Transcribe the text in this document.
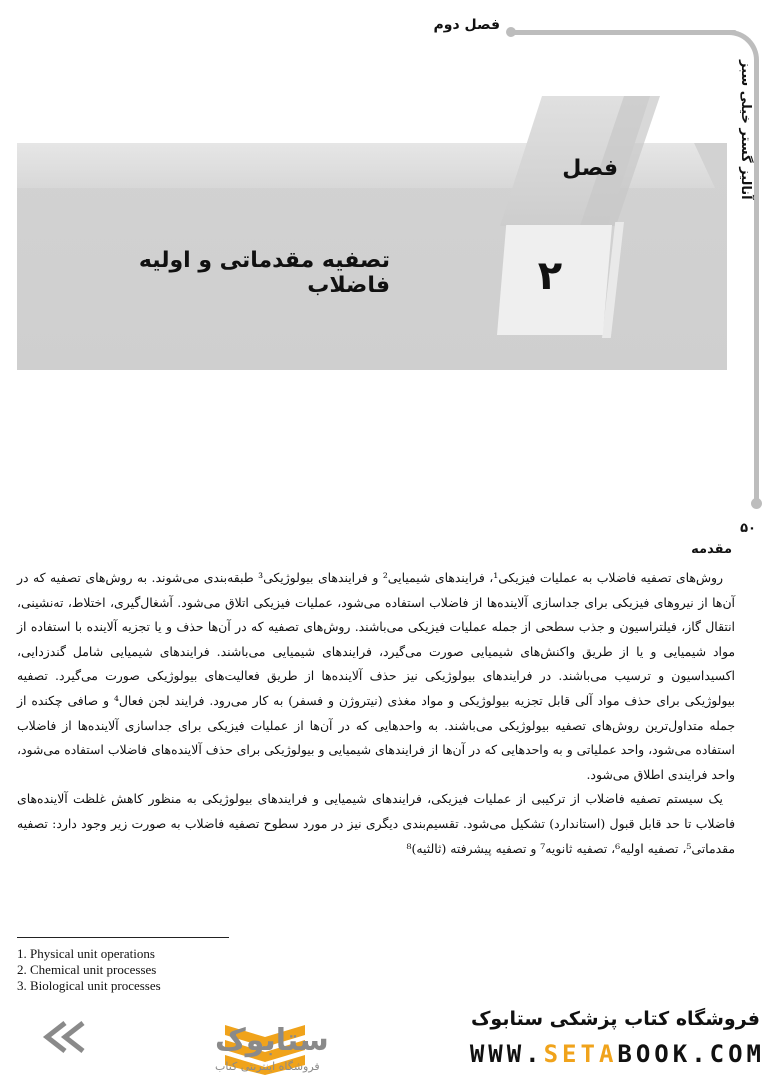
فصل دوم
آنالیز گستر خیلی سبز
فصل
۲
تصفیه مقدماتی و اولیه فاضلاب
۵۰
مقدمه

روش‌های تصفیه فاضلاب به عملیات فیزیکی¹، فرایندهای شیمیایی² و فرایندهای بیولوژیکی³ طبقه‌بندی می‌شوند. به روش‌های تصفیه که در آن‌ها از نیروهای فیزیکی برای جداسازی آلاینده‌ها از فاضلاب استفاده می‌شود، عملیات فیزیکی اتلاق می‌شود. آشغال‌گیری، اختلاط، ته‌نشینی، انتقال گاز، فیلتراسیون و جذب سطحی از جمله عملیات فیزیکی می‌باشند. روش‌های تصفیه که در آن‌ها حذف و یا تجزیه آلاینده با استفاده از مواد شیمیایی و یا از طریق واکنش‌های شیمیایی صورت می‌گیرد، فرایندهای شیمیایی می‌باشند. فرایندهای شیمیایی شامل گندزدایی، اکسیداسیون و ترسیب می‌باشند. در فرایندهای بیولوژیکی نیز حذف آلاینده‌ها از طریق فعالیت‌های بیولوژیکی صورت می‌گیرد. تصفیه بیولوژیکی برای حذف مواد آلی قابل تجزیه بیولوژیکی و مواد مغذی (نیتروژن و فسفر) به کار می‌رود. فرایند لجن فعال⁴ و صافی چکنده از جمله متداول‌ترین روش‌های تصفیه بیولوژیکی می‌باشند. به واحدهایی که در آن‌ها از عملیات فیزیکی برای جداسازی آلاینده‌ها از فاضلاب استفاده می‌شود، واحد عملیاتی و به واحدهایی که در آن‌ها از فرایندهای شیمیایی و بیولوژیکی برای حذف آلاینده‌های فاضلاب استفاده می‌شود، واحد فرایندی اطلاق می‌شود.

یک سیستم تصفیه فاضلاب از ترکیبی از عملیات فیزیکی، فرایندهای شیمیایی و فرایندهای بیولوژیکی به منظور کاهش غلظت آلاینده‌های فاضلاب تا حد قابل قبول (استاندارد) تشکیل می‌شود. تقسیم‌بندی دیگری نیز در مورد سطوح تصفیه فاضلاب به صورت زیر وجود دارد: تصفیه مقدماتی⁵، تصفیه اولیه⁶، تصفیه ثانویه⁷ و تصفیه پیشرفته (ثالثیه)⁸

1. Physical unit operations
2. Chemical unit processes
3. Biological unit processes
ستابوک
فروشگاه اینترنتی کتاب
فروشگاه کتاب پزشکی ستابوک
WWW.SETABOOK.COM
